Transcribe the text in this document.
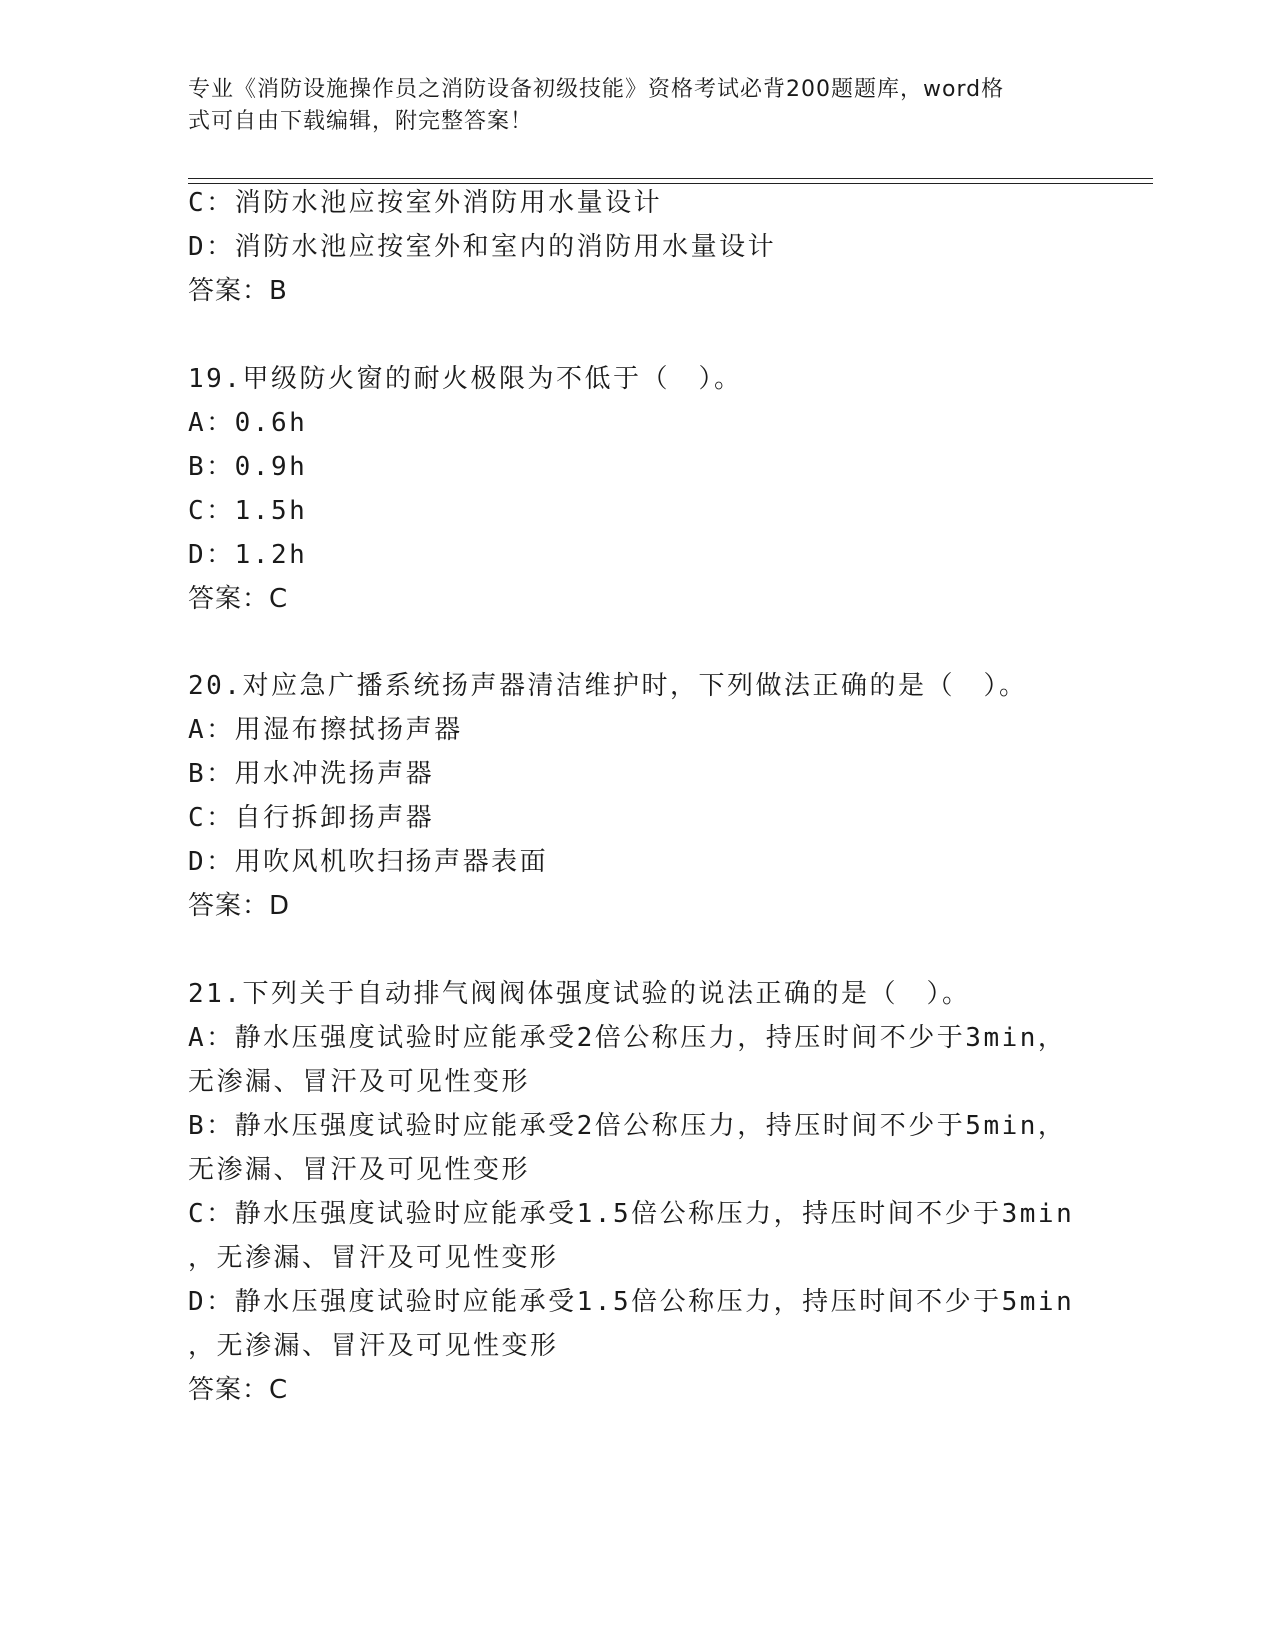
专业《消防设施操作员之消防设备初级技能》资格考试必背200题题库，word格
式可自由下载编辑，附完整答案！
C：消防水池应按室外消防用水量设计
D：消防水池应按室外和室内的消防用水量设计
答案：B
19.甲级防火窗的耐火极限为不低于（　）。
A：0.6h
B：0.9h
C：1.5h
D：1.2h
答案：C
20.对应急广播系统扬声器清洁维护时，下列做法正确的是（　）。
A：用湿布擦拭扬声器
B：用水冲洗扬声器
C：自行拆卸扬声器
D：用吹风机吹扫扬声器表面
答案：D
21.下列关于自动排气阀阀体强度试验的说法正确的是（　）。
A：静水压强度试验时应能承受2倍公称压力，持压时间不少于3min，
无渗漏、冒汗及可见性变形
B：静水压强度试验时应能承受2倍公称压力，持压时间不少于5min，
无渗漏、冒汗及可见性变形
C：静水压强度试验时应能承受1.5倍公称压力，持压时间不少于3min
，无渗漏、冒汗及可见性变形
D：静水压强度试验时应能承受1.5倍公称压力，持压时间不少于5min
，无渗漏、冒汗及可见性变形
答案：C
